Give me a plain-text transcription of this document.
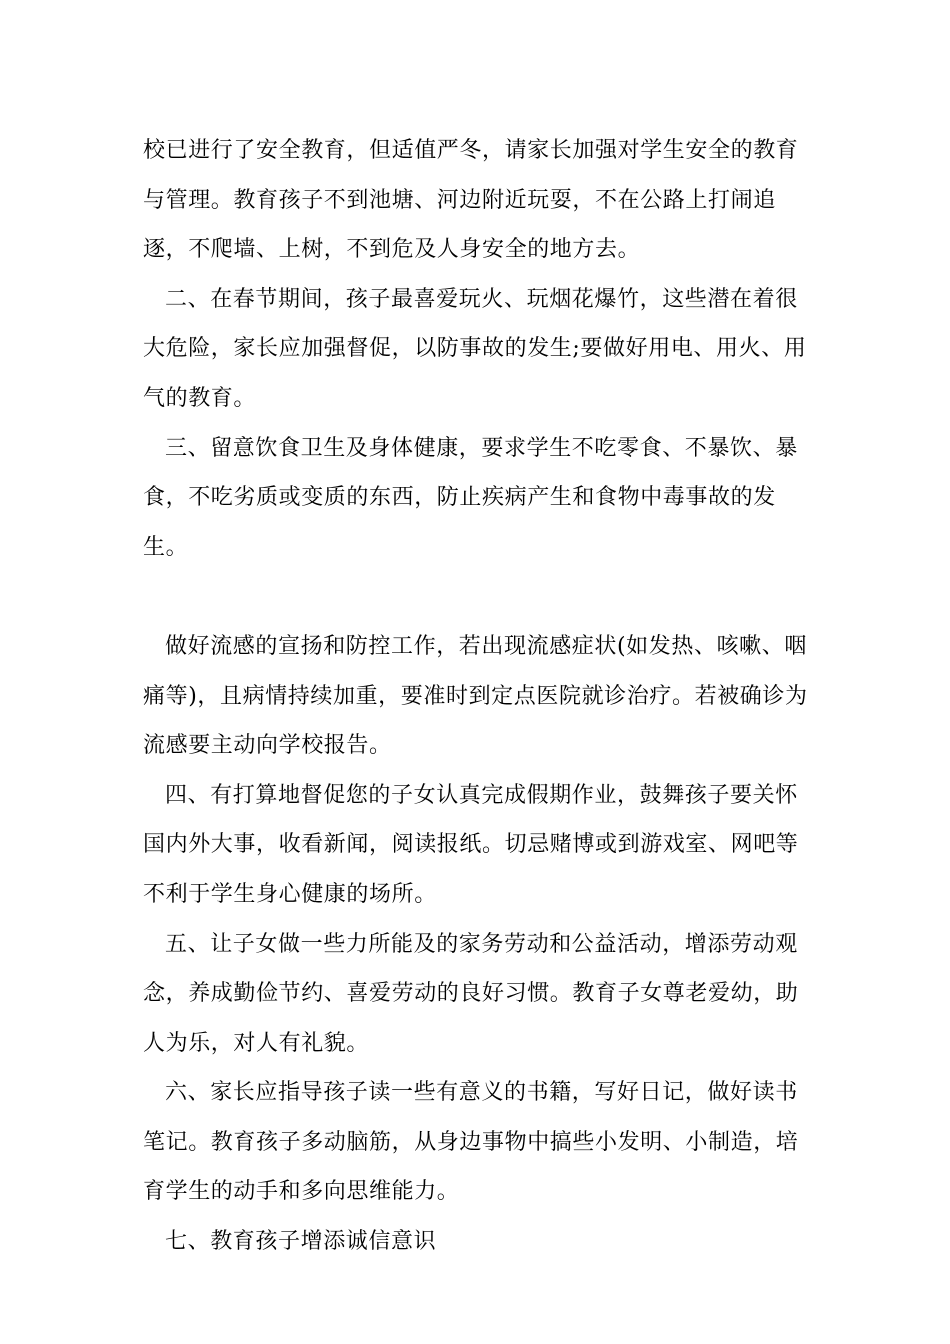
校已进行了安全教育，但适值严冬，请家长加强对学生安全的教育与管理。教育孩子不到池塘、河边附近玩耍，不在公路上打闹追逐，不爬墙、上树，不到危及人身安全的地方去。

二、在春节期间，孩子最喜爱玩火、玩烟花爆竹，这些潜在着很大危险，家长应加强督促，以防事故的发生;要做好用电、用火、用气的教育。

三、留意饮食卫生及身体健康，要求学生不吃零食、不暴饮、暴食，不吃劣质或变质的东西，防止疾病产生和食物中毒事故的发生。

做好流感的宣扬和防控工作，若出现流感症状(如发热、咳嗽、咽痛等)，且病情持续加重，要准时到定点医院就诊治疗。若被确诊为流感要主动向学校报告。

四、有打算地督促您的子女认真完成假期作业，鼓舞孩子要关怀国内外大事，收看新闻，阅读报纸。切忌赌博或到游戏室、网吧等不利于学生身心健康的场所。

五、让子女做一些力所能及的家务劳动和公益活动，增添劳动观念，养成勤俭节约、喜爱劳动的良好习惯。教育子女尊老爱幼，助人为乐，对人有礼貌。

六、家长应指导孩子读一些有意义的书籍，写好日记，做好读书笔记。教育孩子多动脑筋，从身边事物中搞些小发明、小制造，培育学生的动手和多向思维能力。

七、教育孩子增添诚信意识
